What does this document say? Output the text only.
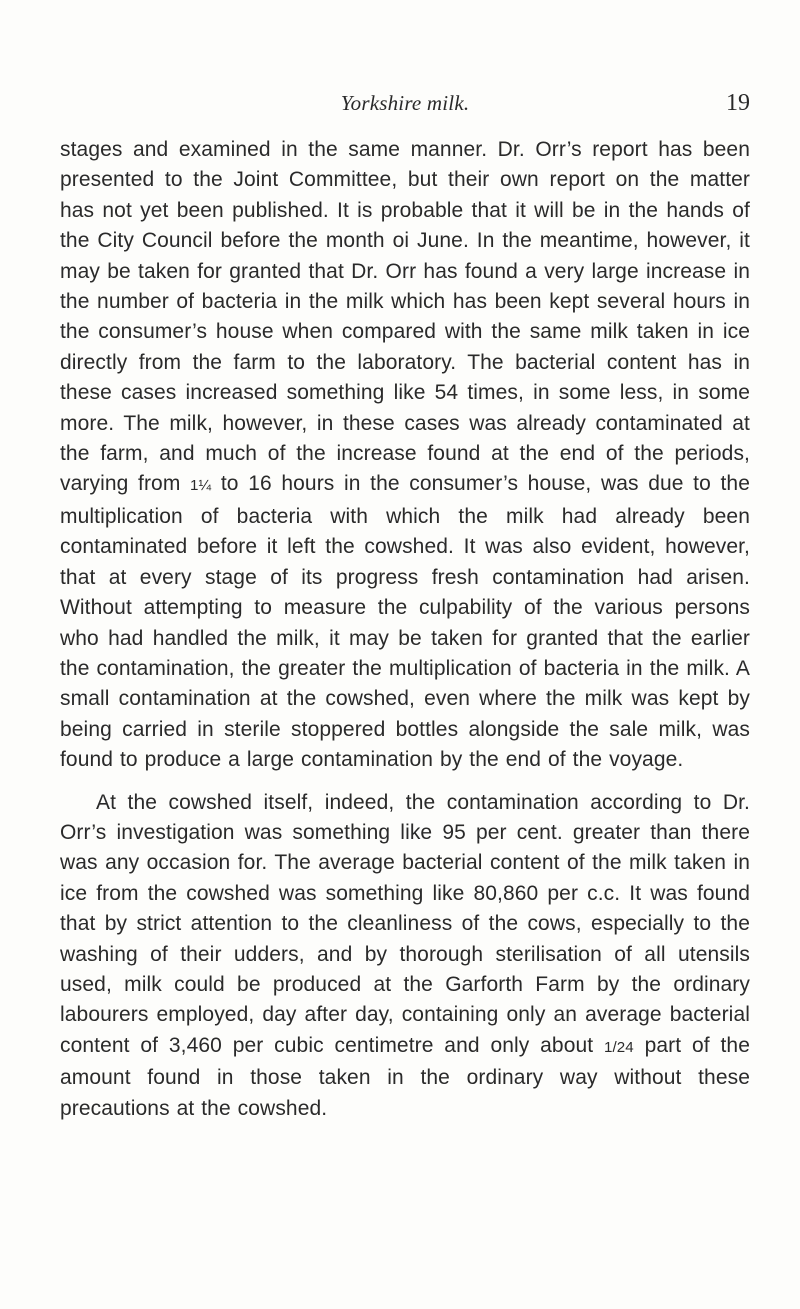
Yorkshire milk.	19

stages and examined in the same manner. Dr. Orr’s report has been presented to the Joint Committee, but their own report on the matter has not yet been published. It is probable that it will be in the hands of the City Council before the month oi June. In the meantime, however, it may be taken for granted that Dr. Orr has found a very large increase in the number of bacteria in the milk which has been kept several hours in the consumer’s house when compared with the same milk taken in ice directly from the farm to the laboratory. The bacterial content has in these cases increased something like 54 times, in some less, in some more. The milk, however, in these cases was already contaminated at the farm, and much of the increase found at the end of the periods, varying from 1¼ to 16 hours in the consumer’s house, was due to the multiplication of bacteria with which the milk had already been contaminated before it left the cowshed. It was also evident, however, that at every stage of its progress fresh contamination had arisen. Without attempting to measure the culpability of the various persons who had handled the milk, it may be taken for granted that the earlier the contamination, the greater the multiplication of bacteria in the milk. A small contamination at the cowshed, even where the milk was kept by being carried in sterile stoppered bottles alongside the sale milk, was found to produce a large contamination by the end of the voyage.

At the cowshed itself, indeed, the contamination according to Dr. Orr’s investigation was something like 95 per cent. greater than there was any occasion for. The average bacterial content of the milk taken in ice from the cowshed was something like 80,860 per c.c. It was found that by strict attention to the cleanliness of the cows, especially to the washing of their udders, and by thorough sterilisation of all utensils used, milk could be produced at the Garforth Farm by the ordinary labourers employed, day after day, containing only an average bacterial content of 3,460 per cubic centimetre and only about 1/24 part of the amount found in those taken in the ordinary way without these precautions at the cowshed.
